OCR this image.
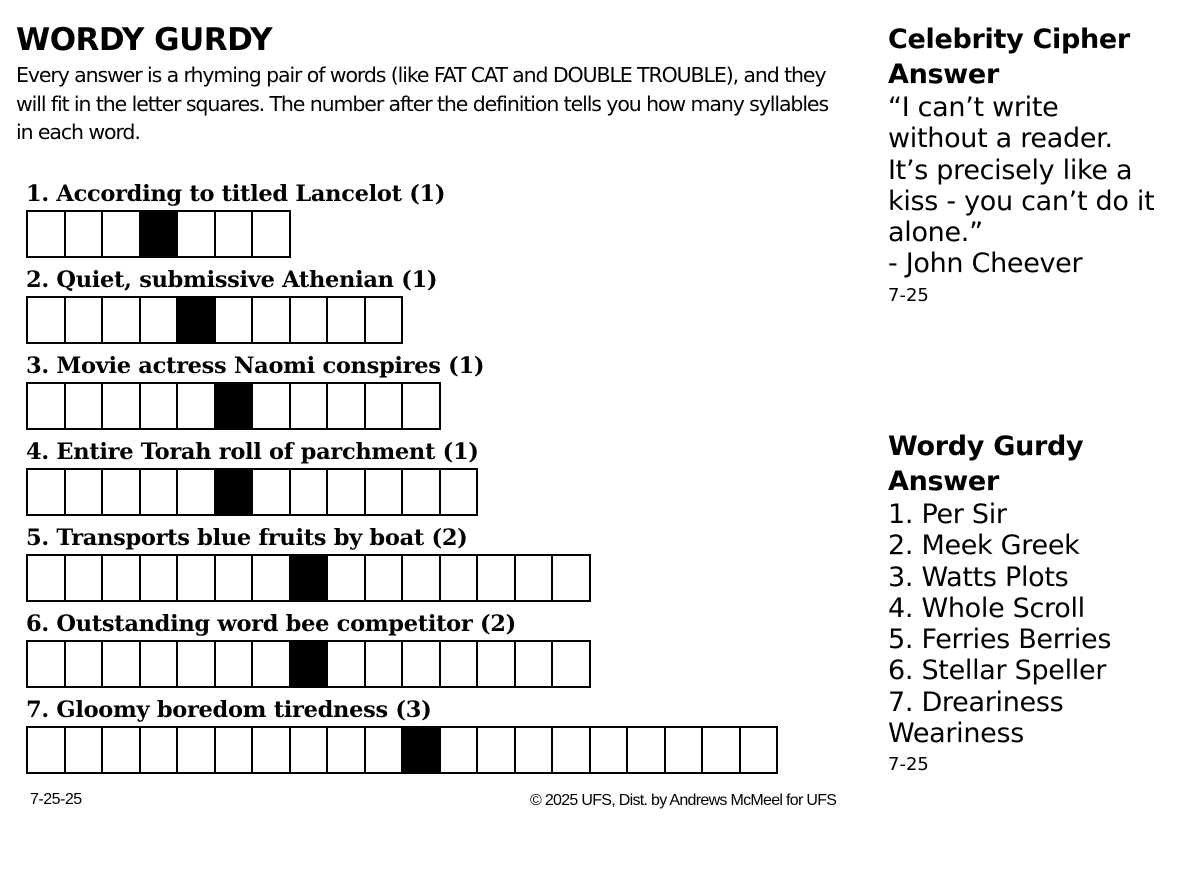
WORDY GURDY

Every answer is a rhyming pair of words (like FAT CAT and DOUBLE TROUBLE), and they will fit in the letter squares. The number after the definition tells you how many syllables in each word.

1. According to titled Lancelot (1)
2. Quiet, submissive Athenian (1)
3. Movie actress Naomi conspires (1)
4. Entire Torah roll of parchment (1)
5. Transports blue fruits by boat (2)
6. Outstanding word bee competitor (2)
7. Gloomy boredom tiredness (3)
7-25-25	© 2025 UFS, Dist. by Andrews McMeel for UFS
Celebrity Cipher
Answer
“I can’t write
without a reader.
It’s precisely like a
kiss - you can’t do it
alone.”
- John Cheever
7-25
Wordy Gurdy
Answer
1. Per Sir
2. Meek Greek
3. Watts Plots
4. Whole Scroll
5. Ferries Berries
6. Stellar Speller
7. Dreariness
Weariness
7-25
